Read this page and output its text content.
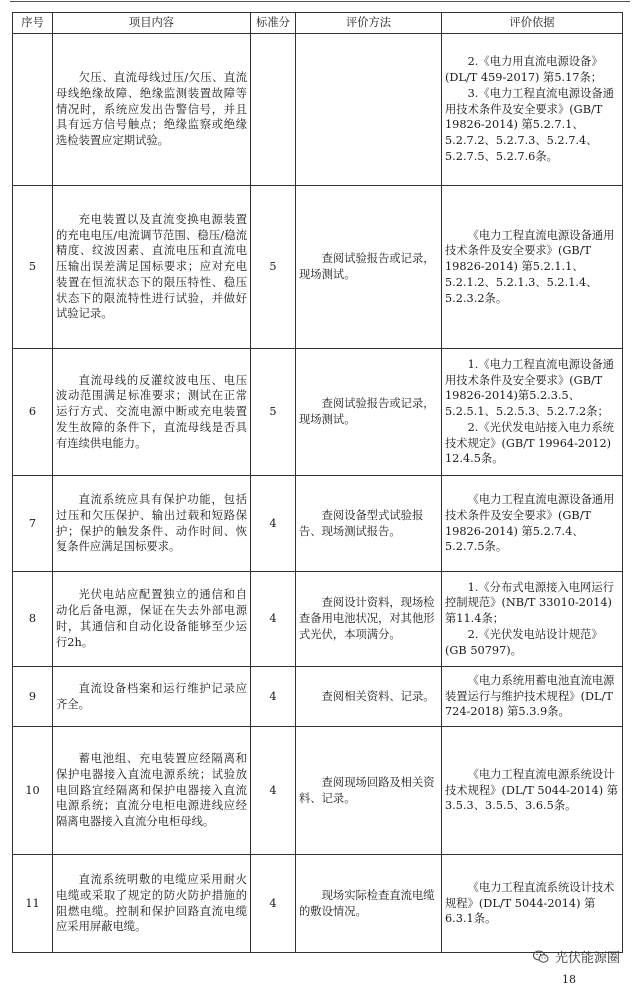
序号	项目内容	标准分	评价方法	评价依据
	欠压、直流母线过压/欠压、直流母线绝缘故障、绝缘监测装置故障等情况时，系统应发出告警信号，并且具有远方信号触点；绝缘监察或绝缘选检装置应定期试验。			2.《电力用直流电源设备》(DL/T 459-2017) 第5.17条；
3.《电力工程直流电源设备通用技术条件及安全要求》(GB/T 19826-2014) 第5.2.7.1、5.2.7.2、5.2.7.3、5.2.7.4、5.2.7.5、5.2.7.6条。

5	充电装置以及直流变换电源装置的充电电压/电流调节范围、稳压/稳流精度、纹波因素、直流电压和直流电压输出误差满足国标要求；应对充电装置在恒流状态下的限压特性、稳压状态下的限流特性进行试验，并做好试验记录。	5	查阅试验报告或记录，现场测试。	《电力工程直流电源设备通用技术条件及安全要求》(GB/T 19826-2014) 第5.2.1.1、5.2.1.2、5.2.1.3、5.2.1.4、5.2.3.2条。

6	直流母线的反灌纹波电压、电压波动范围满足标准要求；测试在正常运行方式、交流电源中断或充电装置发生故障的条件下，直流母线是否具有连续供电能力。	5	查阅试验报告或记录，现场测试。	1.《电力工程直流电源设备通用技术条件及安全要求》(GB/T 19826-2014)第5.2.3.5、5.2.5.1、5.2.5.3、5.2.7.2条；
2.《光伏发电站接入电力系统技术规定》(GB/T 19964-2012) 12.4.5条。

7	直流系统应具有保护功能，包括过压和欠压保护、输出过载和短路保护；保护的触发条件、动作时间、恢复条件应满足国标要求。	4	查阅设备型式试验报告、现场测试报告。	《电力工程直流电源设备通用技术条件及安全要求》(GB/T 19826-2014) 第5.2.7.4、5.2.7.5条。

8	光伏电站应配置独立的通信和自动化后备电源，保证在失去外部电源时，其通信和自动化设备能够至少运行2h。	4	查阅设计资料，现场检查备用电池状况，对其他形式光伏，本项满分。	1.《分布式电源接入电网运行控制规范》(NB/T 33010-2014) 第11.4条；
2.《光伏发电站设计规范》(GB 50797)。

9	直流设备档案和运行维护记录应齐全。	4	查阅相关资料、记录。	《电力系统用蓄电池直流电源装置运行与维护技术规程》(DL/T 724-2018) 第5.3.9条。

10	蓄电池组、充电装置应经隔离和保护电器接入直流电源系统；试验放电回路宜经隔离和保护电器接入直流电源系统；直流分电柜电源进线应经隔离电器接入直流分电柜母线。	4	查阅现场回路及相关资料、记录。	《电力工程直流电源系统设计技术规程》(DL/T 5044-2014) 第3.5.3、3.5.5、3.6.5条。

11	直流系统明敷的电缆应采用耐火电缆或采取了规定的防火防护措施的阻燃电缆。控制和保护回路直流电缆应采用屏蔽电缆。	4	现场实际检查直流电缆的敷设情况。	《电力工程直流系统设计技术规程》(DL/T 5044-2014) 第6.3.1条。
光伏能源圈
18
